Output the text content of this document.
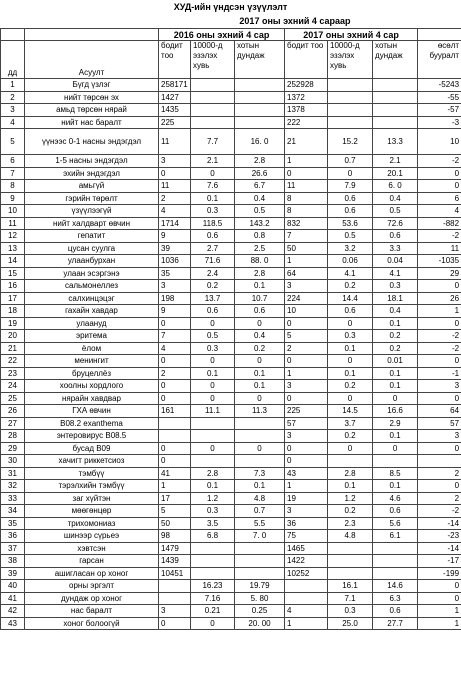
ХУД-ийн үндсэн үзүүлэлт
2017 оны эхний 4 сараар
		2016 оны эхний 4 сар			2017 оны эхний 4 сар			
дд	Асуулт	бодит тоо	10000-д эзэлэх хувь	хотын дундаж	бодит тоо	10000-д эзэлэх хувь	хотын дундаж	өсөлт бууралт
1	Бүгд үзлэг	258171			252928			-5243
2	нийт төрсөн эх	1427			1372			-55
3	амьд төрсөн нярай	1435			1378			-57
4	нийт нас баралт	225			222			-3
5	үүнээс 0-1 насны эндэгдэл	11	7.7	16. 0	21	15.2	13.3	10
6	1-5 насны эндэгдэл	3	2.1	2.8	1	0.7	2.1	-2
7	эхийн эндэгдэл	0	0	26.6	0	0	20.1	0
8	амьгүй	11	7.6	6.7	11	7.9	6. 0	0
9	гэрийн төрөлт	2	0.1	0.4	8	0.6	0.4	6
10	үзүүлээгүй	4	0.3	0.5	8	0.6	0.5	4
11	нийт халдварт өвчин	1714	118.5	143.2	832	53.6	72.6	-882
12	гепатит	9	0.6	0.8	7	0.5	0.6	-2
13	цусан суулга	39	2.7	2.5	50	3.2	3.3	11
14	улаанбурхан	1036	71.6	88. 0	1	0.06	0.04	-1035
15	улаан эсэргэнэ	35	2.4	2.8	64	4.1	4.1	29
16	сальмонеллез	3	0.2	0.1	3	0.2	0.3	0
17	салхинцэцэг	198	13.7	10.7	224	14.4	18.1	26
18	гахайн хавдар	9	0.6	0.6	10	0.6	0.4	1
19	улаануд	0	0	0	0	0	0.1	0
20	эритема	7	0.5	0.4	5	0.3	0.2	-2
21	ёлом	4	0.3	0.2	2	0.1	0.2	-2
22	менингит	0	0	0	0	0	0.01	0
23	бруцеллёз	2	0.1	0.1	1	0.1	0.1	-1
24	хоолны хордлого	0	0	0.1	3	0.2	0.1	3
25	нярайн хавдвар	0	0	0	0	0	0	0
26	ГХА өвчин	161	11.1	11.3	225	14.5	16.6	64
27	B08.2 exanthema				57	3.7	2.9	57
28	энтеровирус B08.5				3	0.2	0.1	3
29	бусад B09	0	0	0	0	0	0	0
30	хачигт риккетсиоз	0			0			
31	тэмбүү	41	2.8	7.3	43	2.8	8.5	2
32	тэрэлхийн тэмбүү	1	0.1	0.1	1	0.1	0.1	0
33	заг хүйтэн	17	1.2	4.8	19	1.2	4.6	2
34	мөөгөнцөр	5	0.3	0.7	3	0.2	0.6	-2
35	трихомониаз	50	3.5	5.5	36	2.3	5.6	-14
36	шинээр сүрьеэ	98	6.8	7. 0	75	4.8	6.1	-23
37	хэвтсэн	1479			1465			-14
38	гарсан	1439			1422			-17
39	ашигласан ор хоног	10451			10252			-199
40	орны эргэлт		16.23	19.79		16.1	14.6	0
41	дундаж ор хоног		7.16	5. 80		7.1	6.3	0
42	нас баралт	3	0.21	0.25	4	0.3	0.6	1
43	хоног болоогүй	0	0	20. 00	1	25.0	27.7	1
